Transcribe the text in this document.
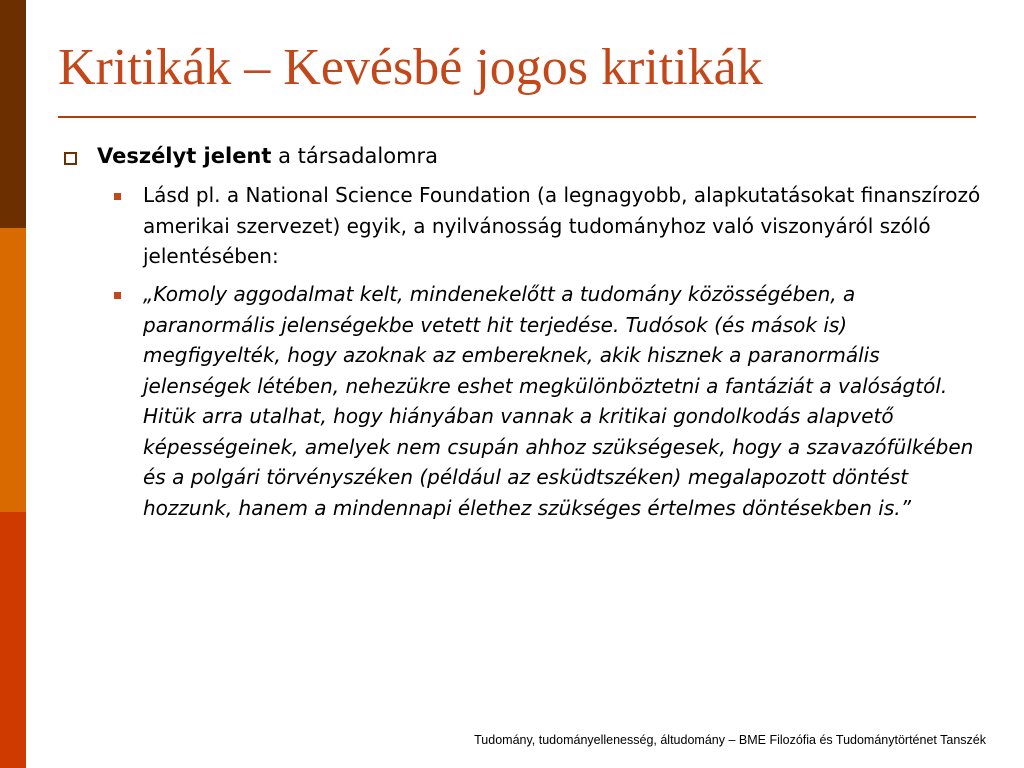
Kritikák – Kevésbé jogos kritikák
Veszélyt jelent a társadalomra
Lásd pl. a National Science Foundation (a legnagyobb, alapkutatásokat finanszírozó amerikai szervezet) egyik, a nyilvánosság tudományhoz való viszonyáról szóló jelentésében:
„Komoly aggodalmat kelt, mindenekelőtt a tudomány közösségében, a paranormális jelenségekbe vetett hit terjedése. Tudósok (és mások is) megfigyelték, hogy azoknak az embereknek, akik hisznek a paranormális jelenségek létében, nehezükre eshet megkülönböztetni a fantáziát a valóságtól. Hitük arra utalhat, hogy hiányában vannak a kritikai gondolkodás alapvető képességeinek, amelyek nem csupán ahhoz szükségesek, hogy a szavazófülkében és a polgári törvényszéken (például az esküdtszéken) megalapozott döntést hozzunk, hanem a mindennapi élethez szükséges értelmes döntésekben is.”
Tudomány, tudományellenesség, áltudomány – BME Filozófia és Tudománytörténet Tanszék
